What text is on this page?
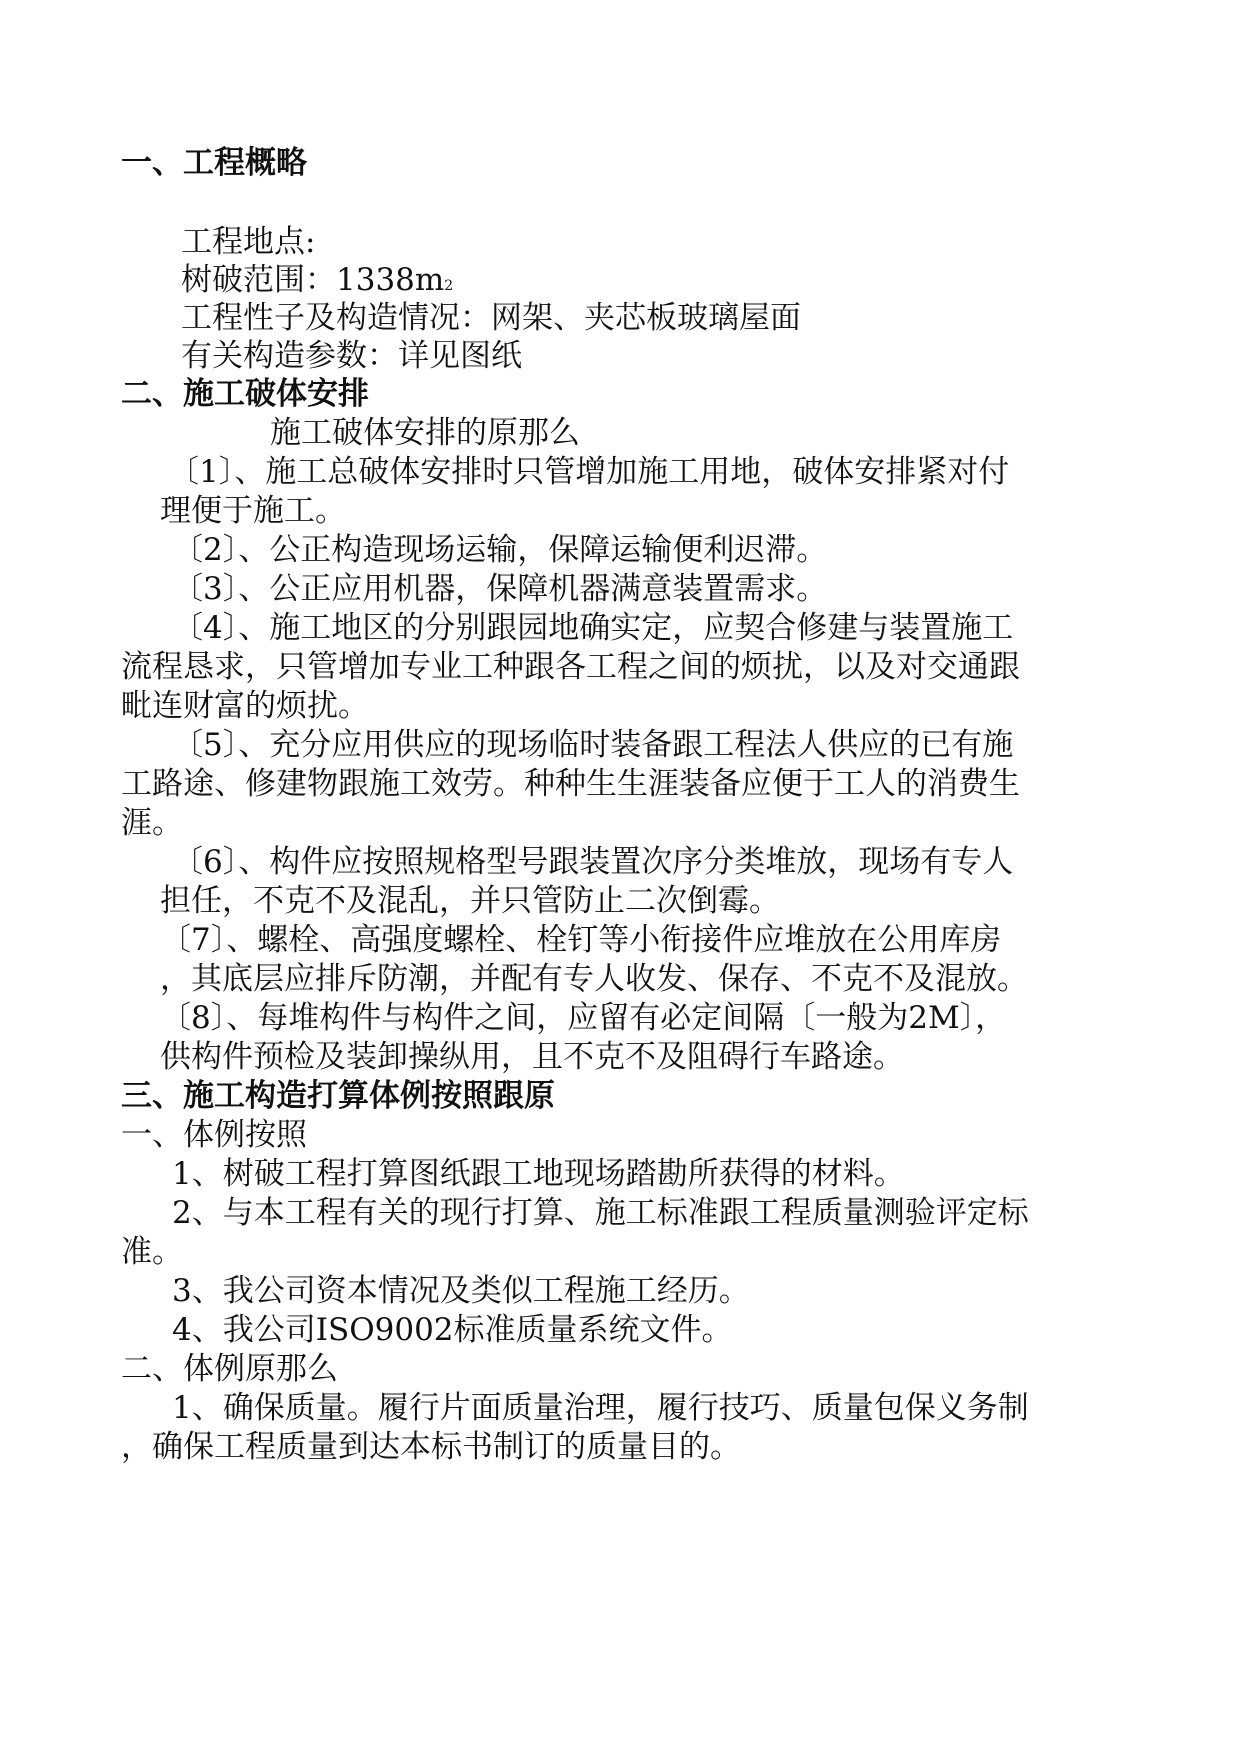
一、工程概略
工程地点:
树破范围：$1338m^2$
工程性子及构造情况：网架、夹芯板玻璃屋面
有关构造参数：详见图纸
二、施工破体安排
施工破体安排的原那么
〔1〕、施工总破体安排时只管增加施工用地，破体安排紧对付
理便于施工。
〔2〕、公正构造现场运输，保障运输便利迟滞。
〔3〕、公正应用机器，保障机器满意装置需求。
〔4〕、施工地区的分别跟园地确实定，应契合修建与装置施工
流程恳求，只管增加专业工种跟各工程之间的烦扰，以及对交通跟
毗连财富的烦扰。
〔5〕、充分应用供应的现场临时装备跟工程法人供应的已有施
工路途、修建物跟施工效劳。种种生生涯装备应便于工人的消费生
涯。
〔6〕、构件应按照规格型号跟装置次序分类堆放，现场有专人
担任，不克不及混乱，并只管防止二次倒霉。
〔7〕、螺栓、高强度螺栓、栓钉等小衔接件应堆放在公用库房
，其底层应排斥防潮，并配有专人收发、保存、不克不及混放。
〔8〕、每堆构件与构件之间，应留有必定间隔〔一般为2M〕，
供构件预检及装卸操纵用，且不克不及阻碍行车路途。
三、施工构造打算体例按照跟原
一、体例按照
1、树破工程打算图纸跟工地现场踏勘所获得的材料。
2、与本工程有关的现行打算、施工标准跟工程质量测验评定标
准。
3、我公司资本情况及类似工程施工经历。
4、我公司ISO9002标准质量系统文件。
二、体例原那么
1、确保质量。履行片面质量治理，履行技巧、质量包保义务制
，确保工程质量到达本标书制订的质量目的。
